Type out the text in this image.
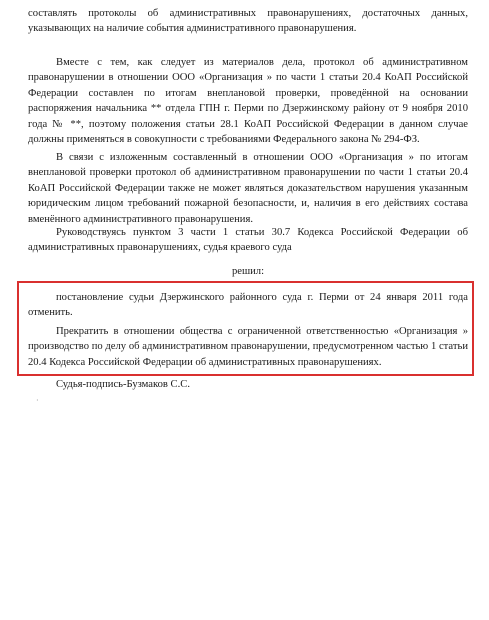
составлять протоколы об административных правонарушениях, достаточных данных, указывающих на наличие события административного правонарушения.

Вместе с тем, как следует из материалов дела, протокол об административном правонарушении в отношении ООО «Организация » по части 1 статьи 20.4 КоАП Российской Федерации составлен по итогам внеплановой проверки, проведённой на основании распоряжения начальника ** отдела ГПН г. Перми по Дзержинскому району от 9 ноября 2010 года № **, поэтому положения статьи 28.1 КоАП Российской Федерации в данном случае должны применяться в совокупности с требованиями Федерального закона № 294-ФЗ.

В связи с изложенным составленный в отношении ООО «Организация » по итогам внеплановой проверки протокол об административном правонарушении по части 1 статьи 20.4 КоАП Российской Федерации также не может являться доказательством нарушения указанным юридическим лицом требований пожарной безопасности, и, наличия в его действиях состава вменённого административного правонарушения.

Руководствуясь пунктом 3 части 1 статьи 30.7 Кодекса Российской Федерации об административных правонарушениях, судья краевого суда

решил:

постановление судьи Дзержинского районного суда г. Перми от 24 января 2011 года отменить.

Прекратить в отношении общества с ограниченной ответственностью «Организация » производство по делу об административном правонарушении, предусмотренном частью 1 статьи 20.4 Кодекса Российской Федерации об административных правонарушениях.

Судья-подпись-Бузмаков С.С.

·
